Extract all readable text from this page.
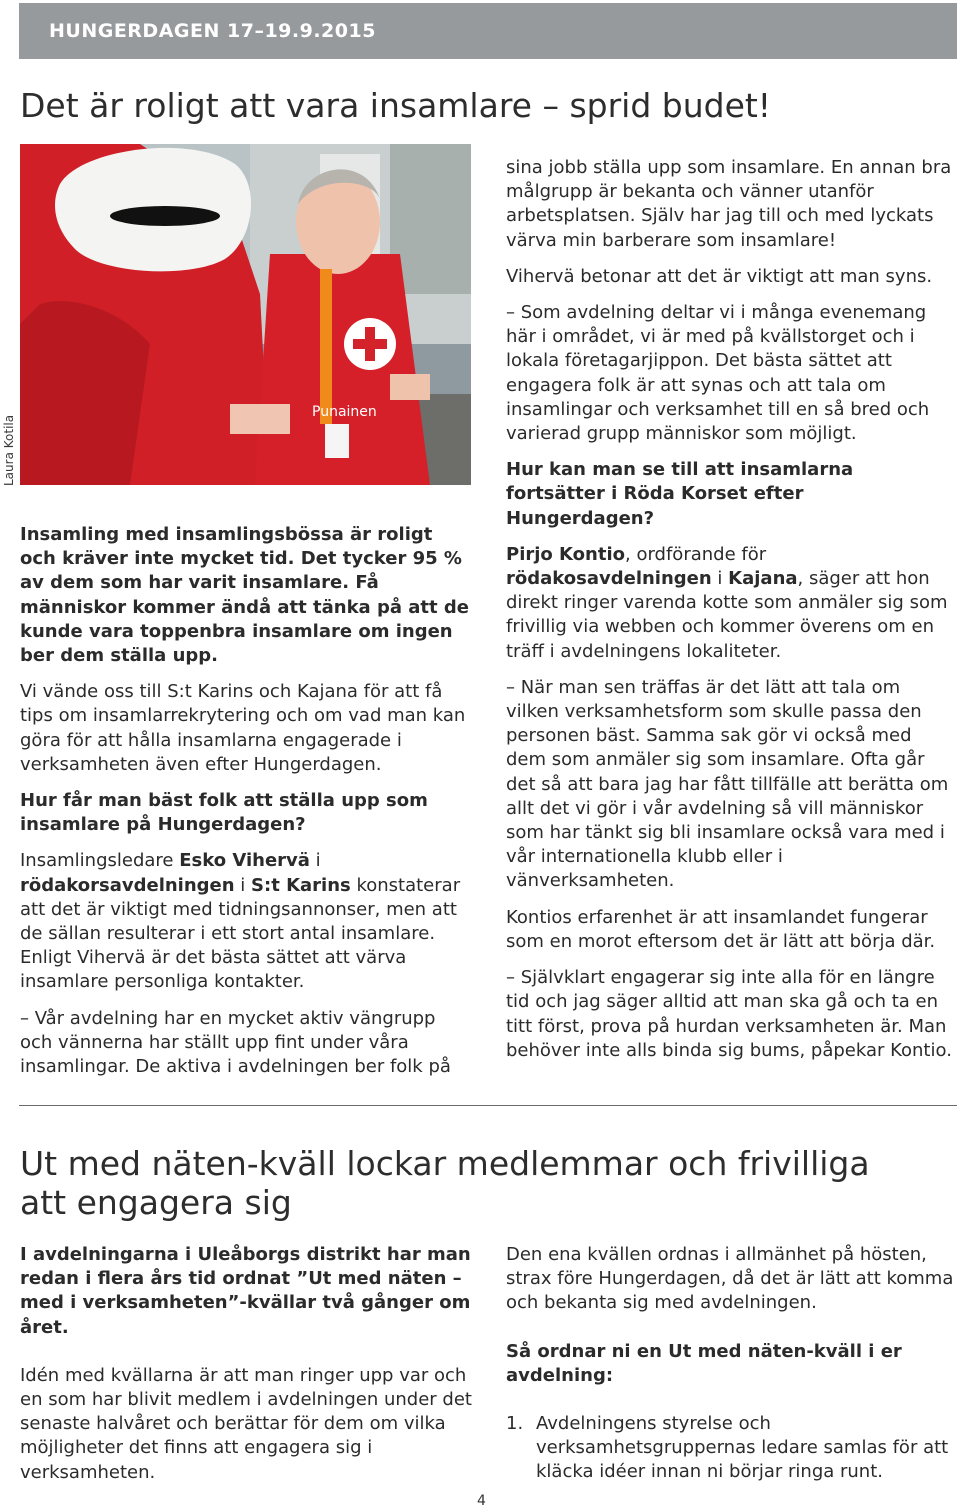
HUNGERDAGEN 17–19.9.2015
Det är roligt att vara insamlare – sprid budet!
Punainen
Laura Kotila

Insamling med insamlingsbössa är roligt och kräver inte mycket tid. Det tycker 95 % av dem som har varit insamlare. Få människor kommer ändå att tänka på att de kunde vara toppenbra insamlare om ingen ber dem ställa upp.

Vi vände oss till S:t Karins och Kajana för att få tips om insamlarrekrytering och om vad man kan göra för att hålla insamlarna engagerade i verksamheten även efter Hungerdagen.

Hur får man bäst folk att ställa upp som insamlare på Hungerdagen?

Insamlingsledare Esko Vihervä i rödakorsavdelningen i S:t Karins konstaterar att det är viktigt med tidningsannonser, men att de sällan resulterar i ett stort antal insamlare. Enligt Vihervä är det bästa sättet att värva insamlare personliga kontakter.

– Vår avdelning har en mycket aktiv vängrupp och vännerna har ställt upp fint under våra insamlingar. De aktiva i avdelningen ber folk på

sina jobb ställa upp som insamlare. En annan bra målgrupp är bekanta och vänner utanför arbetsplatsen. Själv har jag till och med lyckats värva min barberare som insamlare!

Vihervä betonar att det är viktigt att man syns.

– Som avdelning deltar vi i många evenemang här i området, vi är med på kvällstorget och i lokala företagarjippon. Det bästa sättet att engagera folk är att synas och att tala om insamlingar och verksamhet till en så bred och varierad grupp människor som möjligt.

Hur kan man se till att insamlarna fortsätter i Röda Korset efter Hungerdagen?

Pirjo Kontio, ordförande för rödakosavdelningen i Kajana, säger att hon direkt ringer varenda kotte som anmäler sig som frivillig via webben och kommer överens om en träff i avdelningens lokaliteter.

– När man sen träffas är det lätt att tala om vilken verksamhetsform som skulle passa den personen bäst. Samma sak gör vi också med dem som anmäler sig som insamlare. Ofta går det så att bara jag har fått tillfälle att berätta om allt det vi gör i vår avdelning så vill människor som har tänkt sig bli insamlare också vara med i vår internationella klubb eller i vänverksamheten.

Kontios erfarenhet är att insamlandet fungerar som en morot eftersom det är lätt att börja där.

– Självklart engagerar sig inte alla för en längre tid och jag säger alltid att man ska gå och ta en titt först, prova på hurdan verksamheten är. Man behöver inte alls binda sig bums, påpekar Kontio.

Ut med näten-kväll lockar medlemmar och frivilliga
att engagera sig

I avdelningarna i Uleåborgs distrikt har man redan i flera års tid ordnat ”Ut med näten – med i verksamheten”-kvällar två gånger om året.

Idén med kvällarna är att man ringer upp var och en som har blivit medlem i avdelningen under det senaste halvåret och berättar för dem om vilka möjligheter det finns att engagera sig i verksamheten.

Den ena kvällen ordnas i allmänhet på hösten, strax före Hungerdagen, då det är lätt att komma och bekanta sig med avdelningen.

Så ordnar ni en Ut med näten-kväll i er avdelning:

1. Avdelningens styrelse och verksamhetsgruppernas ledare samlas för att kläcka idéer innan ni börjar ringa runt.
4
